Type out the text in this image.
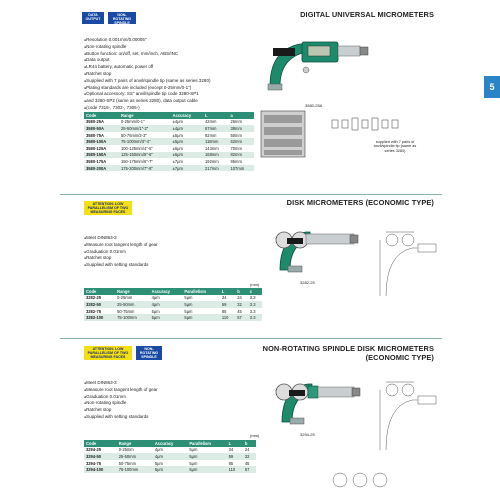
5
DATA OUTPUT
NON-ROTATING SPINDLE
DIGITAL UNIVERSAL MICROMETERS
● Resolution 0.001mm/0.00005"
● Non-rotating spindle
● Button function: on/off, set, mm/inch, ABS/INC
● Data output
● LR44 battery, automatic power off
● Ratchet stop
● Supplied with 7 pairs of anvil/spindle tip (same as series 3280)
● Plating standards are included (except 0-25mm/0-1")
● Optional accessory: SS" anvil/spindle tip code 3280-SP1
● and 3280-SP2 (same as series 3280), data output cable
● (code 7315-, 7302-, 7305-)
Code	Range	Accuracy	L	a
3580-25A	0-25mm/0-1"	±4μm	42mm	26mm
3580-50A	25-50mm/1"-2"	±4μm	67mm	38mm
3580-75A	50-75mm/2-3"	±5μm	92mm	50mm
3580-100A	75-100mm/3"-4"	±5μm	118mm	62mm
3580-125A	100-125mm/4"-5"	±6μm	143mm	70mm
3580-150A	125-150mm/5"-6"	±6μm	168mm	82mm
3580-175A	150-175mm/6"-7"	±7μm	192mm	95mm
3580-200A	175-200mm/7"-8"	±7μm	217mm	107mm
3580-25A
supplied with 7 pairs of anvil/spindle tip (same as series 3280)
ATTENTION: LOW PARALLELISM OF TWO MEASURING FACES
DISK MICROMETERS (ECONOMIC TYPE)
● Meet DIN863-3
● Measure root tangent length of gear
● Graduation 0.01mm
● Ratchet stop
● Supplied with setting standards
(mm)
Code	Range	Accuracy	Parallelism	L	b	c
3282-25	0-25mm	4μm	5μm	34	24	3.3
3282-50	25-50mm	4μm	5μm	59	32	3.3
3282-75	50-75mm	5μm	5μm	85	45	3.3
3282-100	75-100mm	5μm	5μm	110	57	3.3
3282-25
ATTENTION: LOW PARALLELISM OF TWO MEASURING FACES
NON-ROTATING SPINDLE
NON-ROTATING SPINDLE DISK MICROMETERS
(ECONOMIC TYPE)
● Meet DIN863-3
● Measure root tangent length of gear
● Graduation 0.01mm
● Non-rotating spindle
● Ratchet stop
● Supplied with setting standards
(mm)
Code	Range	Accuracy	Parallelism	L	b
3294-25	0-25mm	4μm	5μm	34	24
3294-50	25-50mm	4μm	5μm	59	32
3294-75	50-75mm	5μm	5μm	85	45
3294-100	75-100mm	5μm	5μm	110	57
3294-25
